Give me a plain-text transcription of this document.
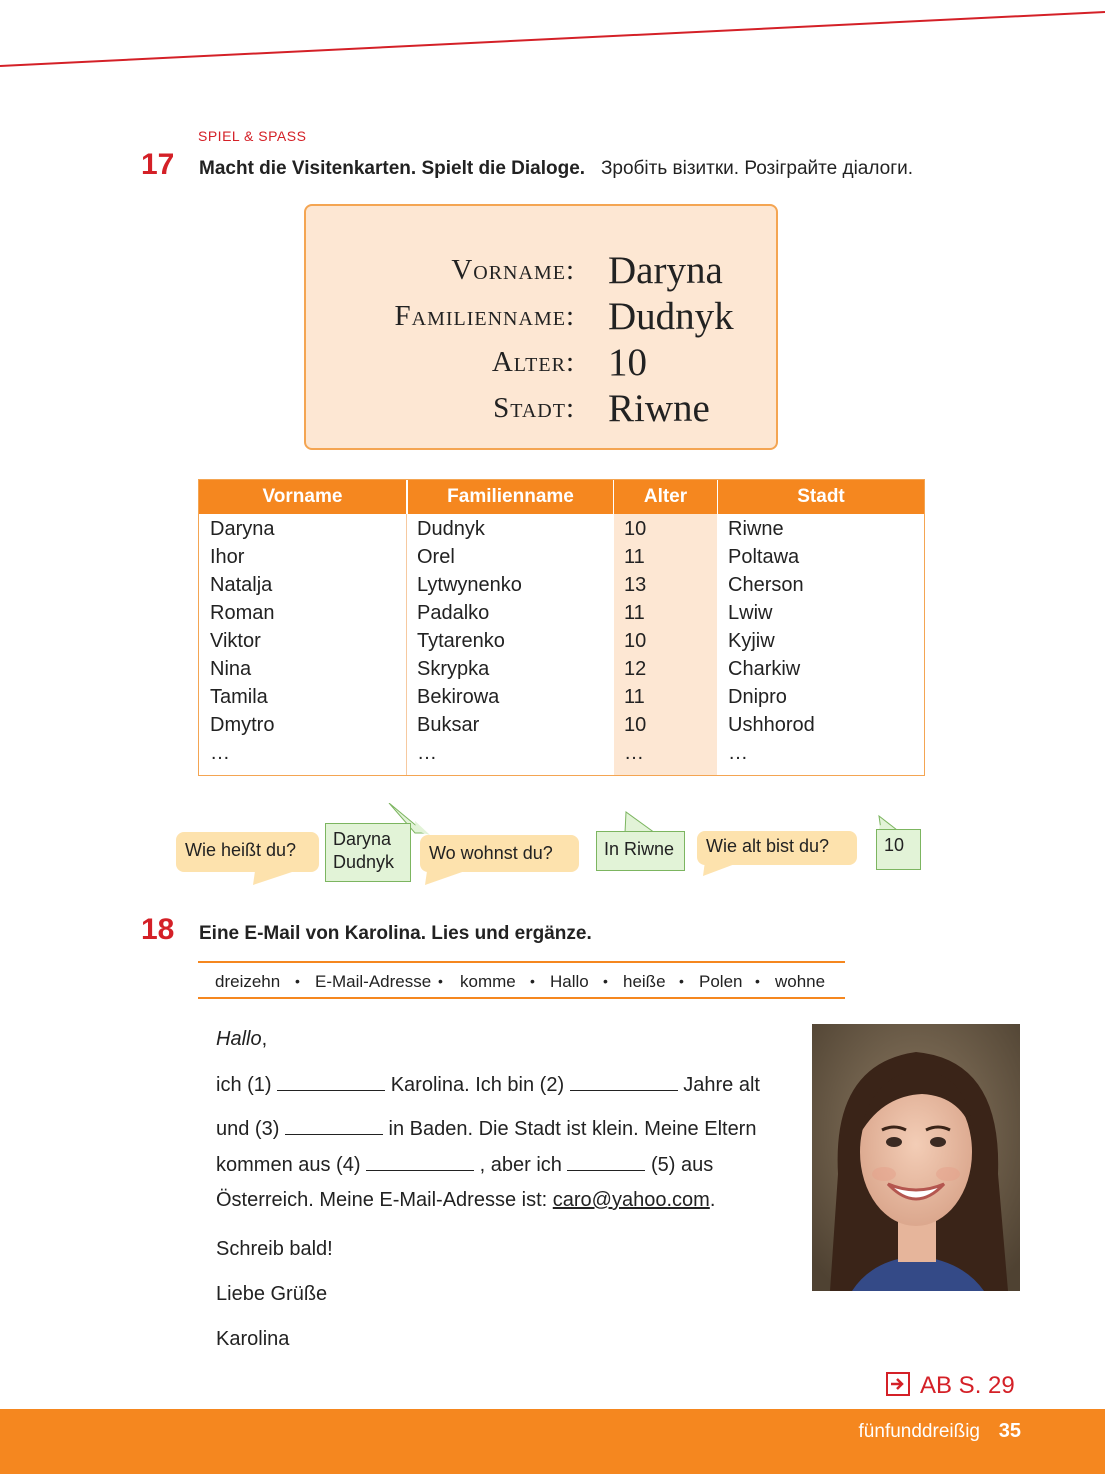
SPIEL & SPASS
17 Macht die Visitenkarten. Spielt die Dialoge. Зробіть візитки. Розіграйте діалоги.
Vorname: Daryna
Familienname: Dudnyk
Alter: 10
Stadt: Riwne
Vorname	Familienname	Alter	Stadt
Daryna	Dudnyk	10	Riwne
Ihor	Orel	11	Poltawa
Natalja	Lytwynenko	13	Cherson
Roman	Padalko	11	Lwiw
Viktor	Tytarenko	10	Kyjiw
Nina	Skrypka	12	Charkiw
Tamila	Bekirowa	11	Dnipro
Dmytro	Buksar	10	Ushhorod
…	…	…	…
Wie heißt du?
Daryna
Dudnyk	Wo wohnst du?	In Riwne	Wie alt bist du?	10
18 Eine E-Mail von Karolina. Lies und ergänze.
dreizehn • E-Mail-Adresse • komme • Hallo • heiße • Polen • wohne
Hallo,
ich (1)	Karolina. Ich bin (2)	Jahre alt
und (3)	in Baden. Die Stadt ist klein. Meine Eltern
kommen aus (4)	, aber ich	(5) aus
Österreich. Meine E-Mail-Adresse ist: caro@yahoo.com.
Schreib bald!
Liebe Grüße
Karolina
AB S. 29
fünfunddreißig 35
